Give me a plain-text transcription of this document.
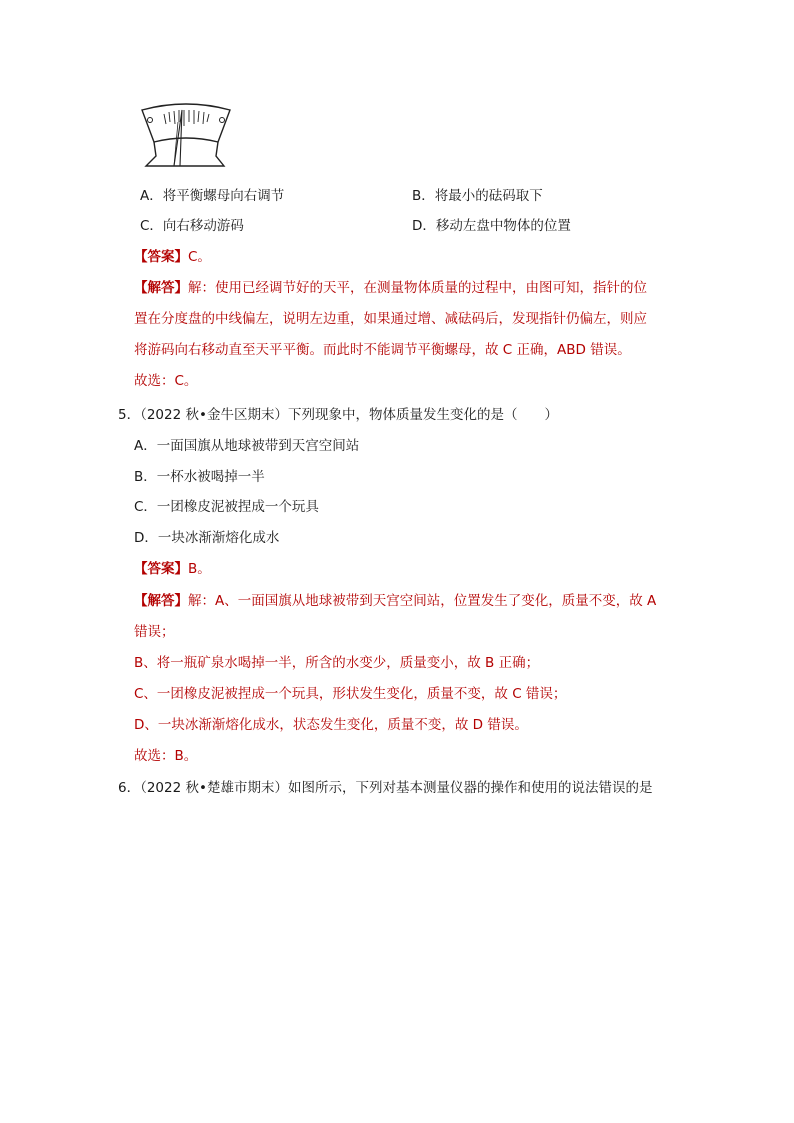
A．将平衡螺母向右调节	B．将最小的砝码取下
C．向右移动游码	D．移动左盘中物体的位置
【答案】C。
【解答】解：使用已经调节好的天平，在测量物体质量的过程中，由图可知，指针的位
置在分度盘的中线偏左，说明左边重，如果通过增、减砝码后，发现指针仍偏左，则应
将游码向右移动直至天平平衡。而此时不能调节平衡螺母，故 C 正确，ABD 错误。
故选：C。
5．（2022 秋•金牛区期末）下列现象中，物体质量发生变化的是（　　）
A．一面国旗从地球被带到天宫空间站
B．一杯水被喝掉一半
C．一团橡皮泥被捏成一个玩具
D．一块冰渐渐熔化成水
【答案】B。
【解答】解：A、一面国旗从地球被带到天宫空间站，位置发生了变化，质量不变，故 A
错误；
B、将一瓶矿泉水喝掉一半，所含的水变少，质量变小，故 B 正确；
C、一团橡皮泥被捏成一个玩具，形状发生变化，质量不变，故 C 错误；
D、一块冰渐渐熔化成水，状态发生变化，质量不变，故 D 错误。
故选：B。
6．（2022 秋•楚雄市期末）如图所示，下列对基本测量仪器的操作和使用的说法错误的是
